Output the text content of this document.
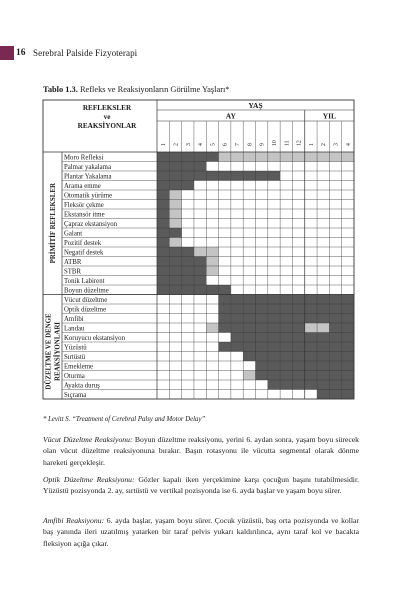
16 Serebral Palside Fizyoterapi
Tablo 1.3. Refleks ve Reaksiyonların Görülme Yaşları*
REFLEKSLER
ve
REAKSİYONLAR
YAŞ
AY	YIL
1 2 3 4 5 6 7 8 9 10 11 12 1 2 3 4
Moro Refleksi
Palmar yakalama
Plantar Yakalama
Arama emme
Otomatik yürüme
Fleksör çekme
Ekstansör itme
Çapraz ekstansiyon
Galant
Pozitif destek
Negatif destek
ATBR
STBR
Tonik Labirent
Boyun düzeltme
Vücut düzeltme
Optik düzeltme
Amfibi
Landau
Koruyucu ekstansiyon
Yüzüstü
Sırtüstü
Emekleme
Oturma
Ayakta duruş
Sıçrama
PRİMİTİF REFLEKSLER
DÜZELTME VE DENGE REAKSİYONLARI
* Levitt S. “Treatment of Cerebral Palsy and Motor Delay”
Vücut Düzeltme Reaksiyonu: Boyun düzeltme reaksiyonu, yerini 6. aydan sonra, yaşam boyu sürecek olan vücut düzeltme reaksiyonuna bırakır. Başın rotasyonu ile vücutta segmental olarak dönme hareketi gerçekleşir.
Optik Düzeltme Reaksiyonu: Gözler kapalı iken yerçekimine karşı çocuğun başını tutabilmesidir. Yüzüstü pozisyonda 2. ay, sırtüstü ve vertikal pozisyonda ise 6. ayda başlar ve yaşam boyu sürer.
Amfibi Reaksiyonu: 6. ayda başlar, yaşam boyu sürer. Çocuk yüzüstü, baş orta pozisyonda ve kollar baş yanında ileri uzatılmış yatarken bir taraf pelvis yukarı kaldırılınca, aynı taraf kol ve bacakta fleksiyon açığa çıkar.
